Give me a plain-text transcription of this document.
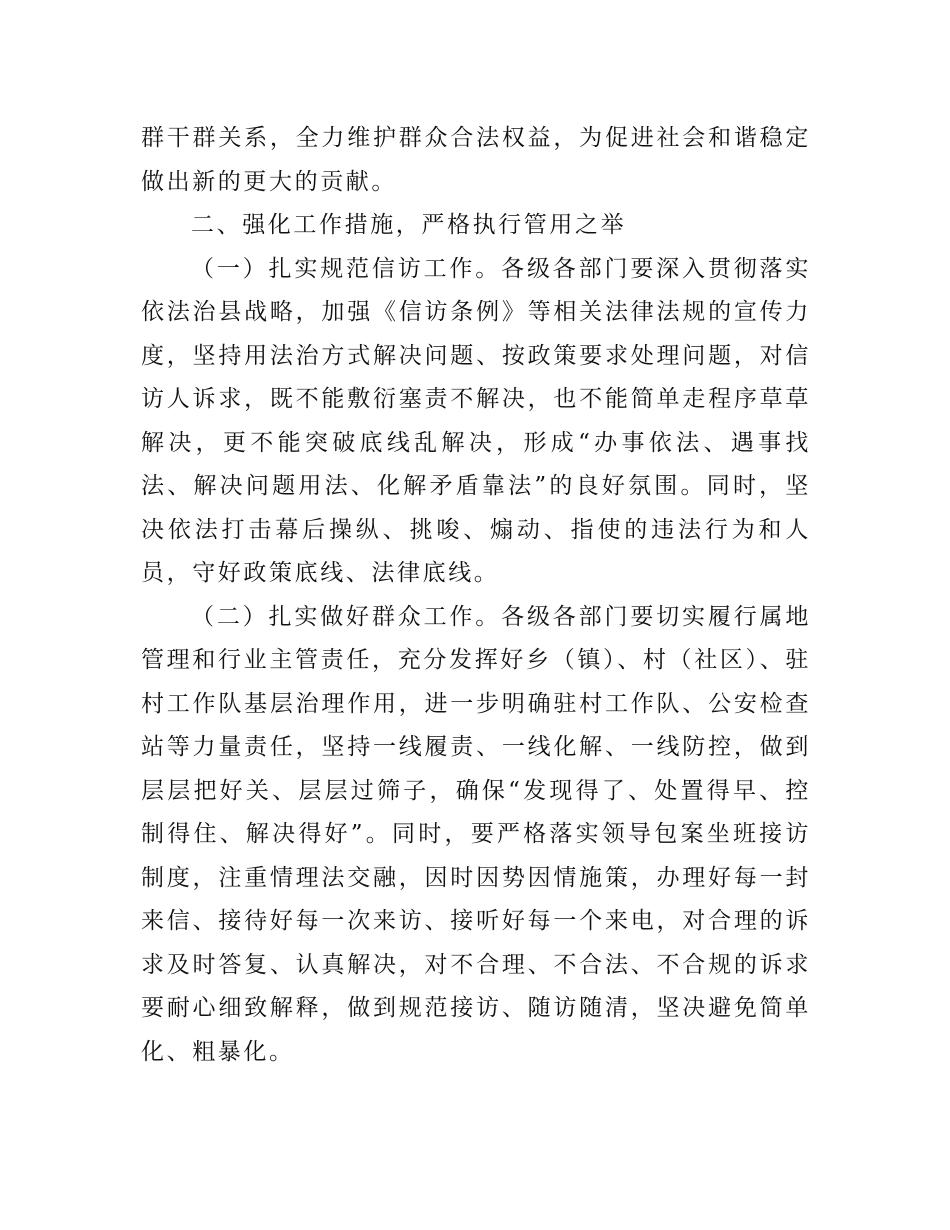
群干群关系，全力维护群众合法权益，为促进社会和谐稳定做出新的更大的贡献。

二、强化工作措施，严格执行管用之举

（一）扎实规范信访工作。各级各部门要深入贯彻落实依法治县战略，加强《信访条例》等相关法律法规的宣传力度，坚持用法治方式解决问题、按政策要求处理问题，对信访人诉求，既不能敷衍塞责不解决，也不能简单走程序草草解决，更不能突破底线乱解决，形成“办事依法、遇事找法、解决问题用法、化解矛盾靠法”的良好氛围。同时，坚决依法打击幕后操纵、挑唆、煽动、指使的违法行为和人员，守好政策底线、法律底线。

（二）扎实做好群众工作。各级各部门要切实履行属地管理和行业主管责任，充分发挥好乡（镇）、村（社区）、驻村工作队基层治理作用，进一步明确驻村工作队、公安检查站等力量责任，坚持一线履责、一线化解、一线防控，做到层层把好关、层层过筛子，确保“发现得了、处置得早、控制得住、解决得好”。同时，要严格落实领导包案坐班接访制度，注重情理法交融，因时因势因情施策，办理好每一封来信、接待好每一次来访、接听好每一个来电，对合理的诉求及时答复、认真解决，对不合理、不合法、不合规的诉求要耐心细致解释，做到规范接访、随访随清，坚决避免简单化、粗暴化。
